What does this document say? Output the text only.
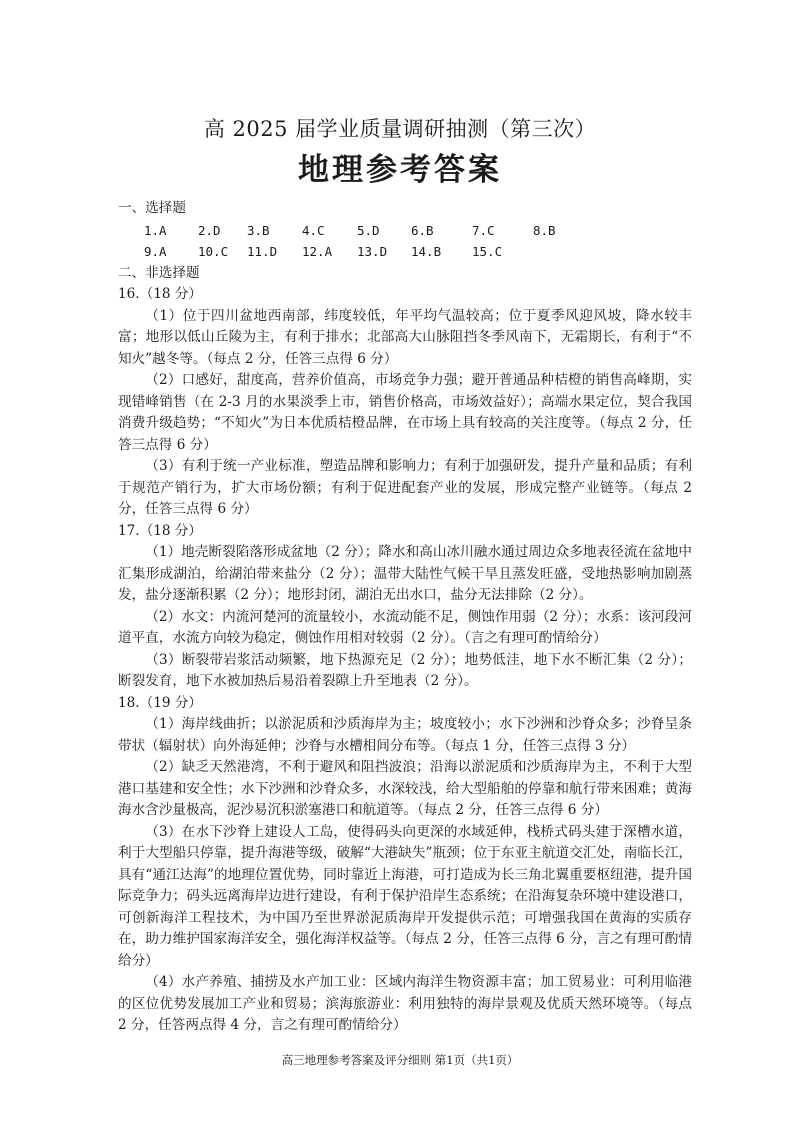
高 2025 届学业质量调研抽测（第三次）
地理参考答案
一、选择题
1.A	2.D	3.B	4.C	5.D	6.B	7.C	8.B
9.A	10.C	11.D	12.A	13.D	14.B	15.C
二、非选择题

16.（18 分）

（1）位于四川盆地西南部，纬度较低，年平均气温较高；位于夏季风迎风坡，降水较丰富；地形以低山丘陵为主，有利于排水；北部高大山脉阻挡冬季风南下，无霜期长，有利于“不知火”越冬等。（每点 2 分，任答三点得 6 分）

（2）口感好，甜度高，营养价值高，市场竞争力强；避开普通品种桔橙的销售高峰期，实现错峰销售（在 2-3 月的水果淡季上市，销售价格高，市场效益好）；高端水果定位，契合我国消费升级趋势；“不知火”为日本优质桔橙品牌，在市场上具有较高的关注度等。（每点 2 分，任答三点得 6 分）

（3）有利于统一产业标准，塑造品牌和影响力；有利于加强研发，提升产量和品质；有利于规范产销行为，扩大市场份额；有利于促进配套产业的发展，形成完整产业链等。（每点 2 分，任答三点得 6 分）

17.（18 分）

（1）地壳断裂陷落形成盆地（2 分）；降水和高山冰川融水通过周边众多地表径流在盆地中汇集形成湖泊，给湖泊带来盐分（2 分）；温带大陆性气候干旱且蒸发旺盛，受地热影响加剧蒸发，盐分逐渐积累（2 分）；地形封闭，湖泊无出水口，盐分无法排除（2 分）。

（2）水文：内流河楚河的流量较小，水流动能不足，侧蚀作用弱（2 分）；水系：该河段河道平直，水流方向较为稳定，侧蚀作用相对较弱（2 分）。（言之有理可酌情给分）

（3）断裂带岩浆活动频繁，地下热源充足（2 分）；地势低洼，地下水不断汇集（2 分）；断裂发育，地下水被加热后易沿着裂隙上升至地表（2 分）。

18.（19 分）

（1）海岸线曲折；以淤泥质和沙质海岸为主；坡度较小；水下沙洲和沙脊众多；沙脊呈条带状（辐射状）向外海延伸；沙脊与水槽相间分布等。（每点 1 分，任答三点得 3 分）

（2）缺乏天然港湾，不利于避风和阻挡波浪；沿海以淤泥质和沙质海岸为主，不利于大型港口基建和安全性；水下沙洲和沙脊众多，水深较浅，给大型船舶的停靠和航行带来困难；黄海海水含沙量极高，泥沙易沉积淤塞港口和航道等。（每点 2 分，任答三点得 6 分）

（3）在水下沙脊上建设人工岛，使得码头向更深的水域延伸，栈桥式码头建于深槽水道，利于大型船只停靠，提升海港等级，破解“大港缺失”瓶颈；位于东亚主航道交汇处，南临长江，具有“通江达海”的地理位置优势，同时靠近上海港，可打造成为长三角北翼重要枢纽港，提升国际竞争力；码头远离海岸边进行建设，有利于保护沿岸生态系统；在沿海复杂环境中建设港口，可创新海洋工程技术，为中国乃至世界淤泥质海岸开发提供示范；可增强我国在黄海的实质存在，助力维护国家海洋安全，强化海洋权益等。（每点 2 分，任答三点得 6 分，言之有理可酌情给分）

（4）水产养殖、捕捞及水产加工业：区域内海洋生物资源丰富；加工贸易业：可利用临港的区位优势发展加工产业和贸易；滨海旅游业：利用独特的海岸景观及优质天然环境等。（每点 2 分，任答两点得 4 分，言之有理可酌情给分）

高三地理参考答案及评分细则 第1页（共1页）
